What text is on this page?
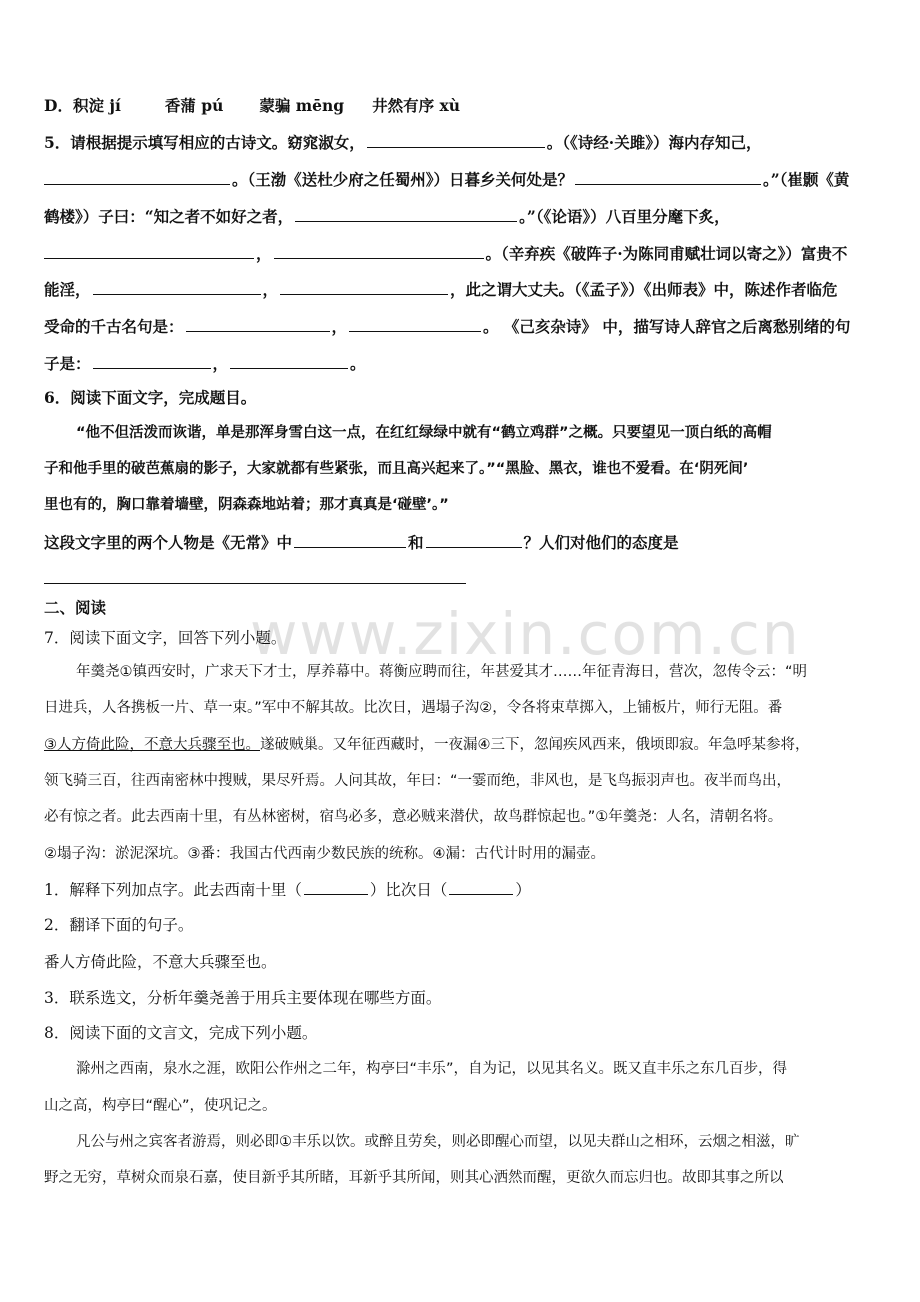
www.zixin.com.cn
D．积淀 jí	香蒲 pú 蒙骗 mēng 井然有序 xù
5．请根据提示填写相应的古诗文。窈窕淑女，	。（《诗经·关雎》）海内存知己，
。（王渤《送杜少府之任蜀州》）日暮乡关何处是？	。”（崔颢《黄
鹤楼》）子曰：“知之者不如好之者，	。”（《论语》）八百里分麾下炙，
，	。（辛弃疾《破阵子·为陈同甫赋壮词以寄之》）富贵不
能淫，	，	，此之谓大丈夫。（《孟子》）《出师表》中，陈述作者临危
受命的千古名句是：	，	。 《己亥杂诗》 中，描写诗人辞官之后离愁别绪的句
子是：	，	。
6．阅读下面文字，完成题目。
“他不但活泼而诙谐，单是那浑身雪白这一点，在红红绿绿中就有“鹤立鸡群”之概。只要望见一顶白纸的高帽
子和他手里的破芭蕉扇的影子，大家就都有些紧张，而且高兴起来了。”“黑脸、黑衣，谁也不爱看。在‘阴死间’
里也有的，胸口靠着墙壁，阴森森地站着；那才真真是‘碰壁’。”
这段文字里的两个人物是《无常》中	和	？人们对他们的态度是
二、阅读
7．阅读下面文字，回答下列小题。
年羹尧①镇西安时，广求天下才士，厚养幕中。蒋衡应聘而往，年甚爱其才……年征青海日，营次，忽传令云：“明
日进兵，人各携板一片、草一束。”军中不解其故。比次日，遇塌子沟②，令各将束草掷入，上铺板片，师行无阻。番
③人方倚此险，不意大兵骤至也。遂破贼巢。又年征西藏时，一夜漏④三下，忽闻疾风西来，俄顷即寂。年急呼某参将，
领飞骑三百，往西南密林中搜贼，果尽歼焉。人问其故，年曰：“一霎而绝，非风也，是飞鸟振羽声也。夜半而鸟出，
必有惊之者。此去西南十里，有丛林密树，宿鸟必多，意必贼来潜伏，故鸟群惊起也。”①年羹尧：人名，清朝名将。
②塌子沟：淤泥深坑。③番：我国古代西南少数民族的统称。④漏：古代计时用的漏壶。
1．解释下列加点字。此去西南十里（	）比次日（	）
2．翻译下面的句子。
番人方倚此险，不意大兵骤至也。
3．联系选文，分析年羹尧善于用兵主要体现在哪些方面。
8．阅读下面的文言文，完成下列小题。
滁州之西南，泉水之涯，欧阳公作州之二年，构亭曰“丰乐”，自为记，以见其名义。既又直丰乐之东几百步，得
山之高，构亭曰“醒心”，使巩记之。
凡公与州之宾客者游焉，则必即①丰乐以饮。或醉且劳矣，则必即醒心而望，以见夫群山之相环，云烟之相滋，旷
野之无穷，草树众而泉石嘉，使目新乎其所睹，耳新乎其所闻，则其心洒然而醒，更欲久而忘归也。故即其事之所以
